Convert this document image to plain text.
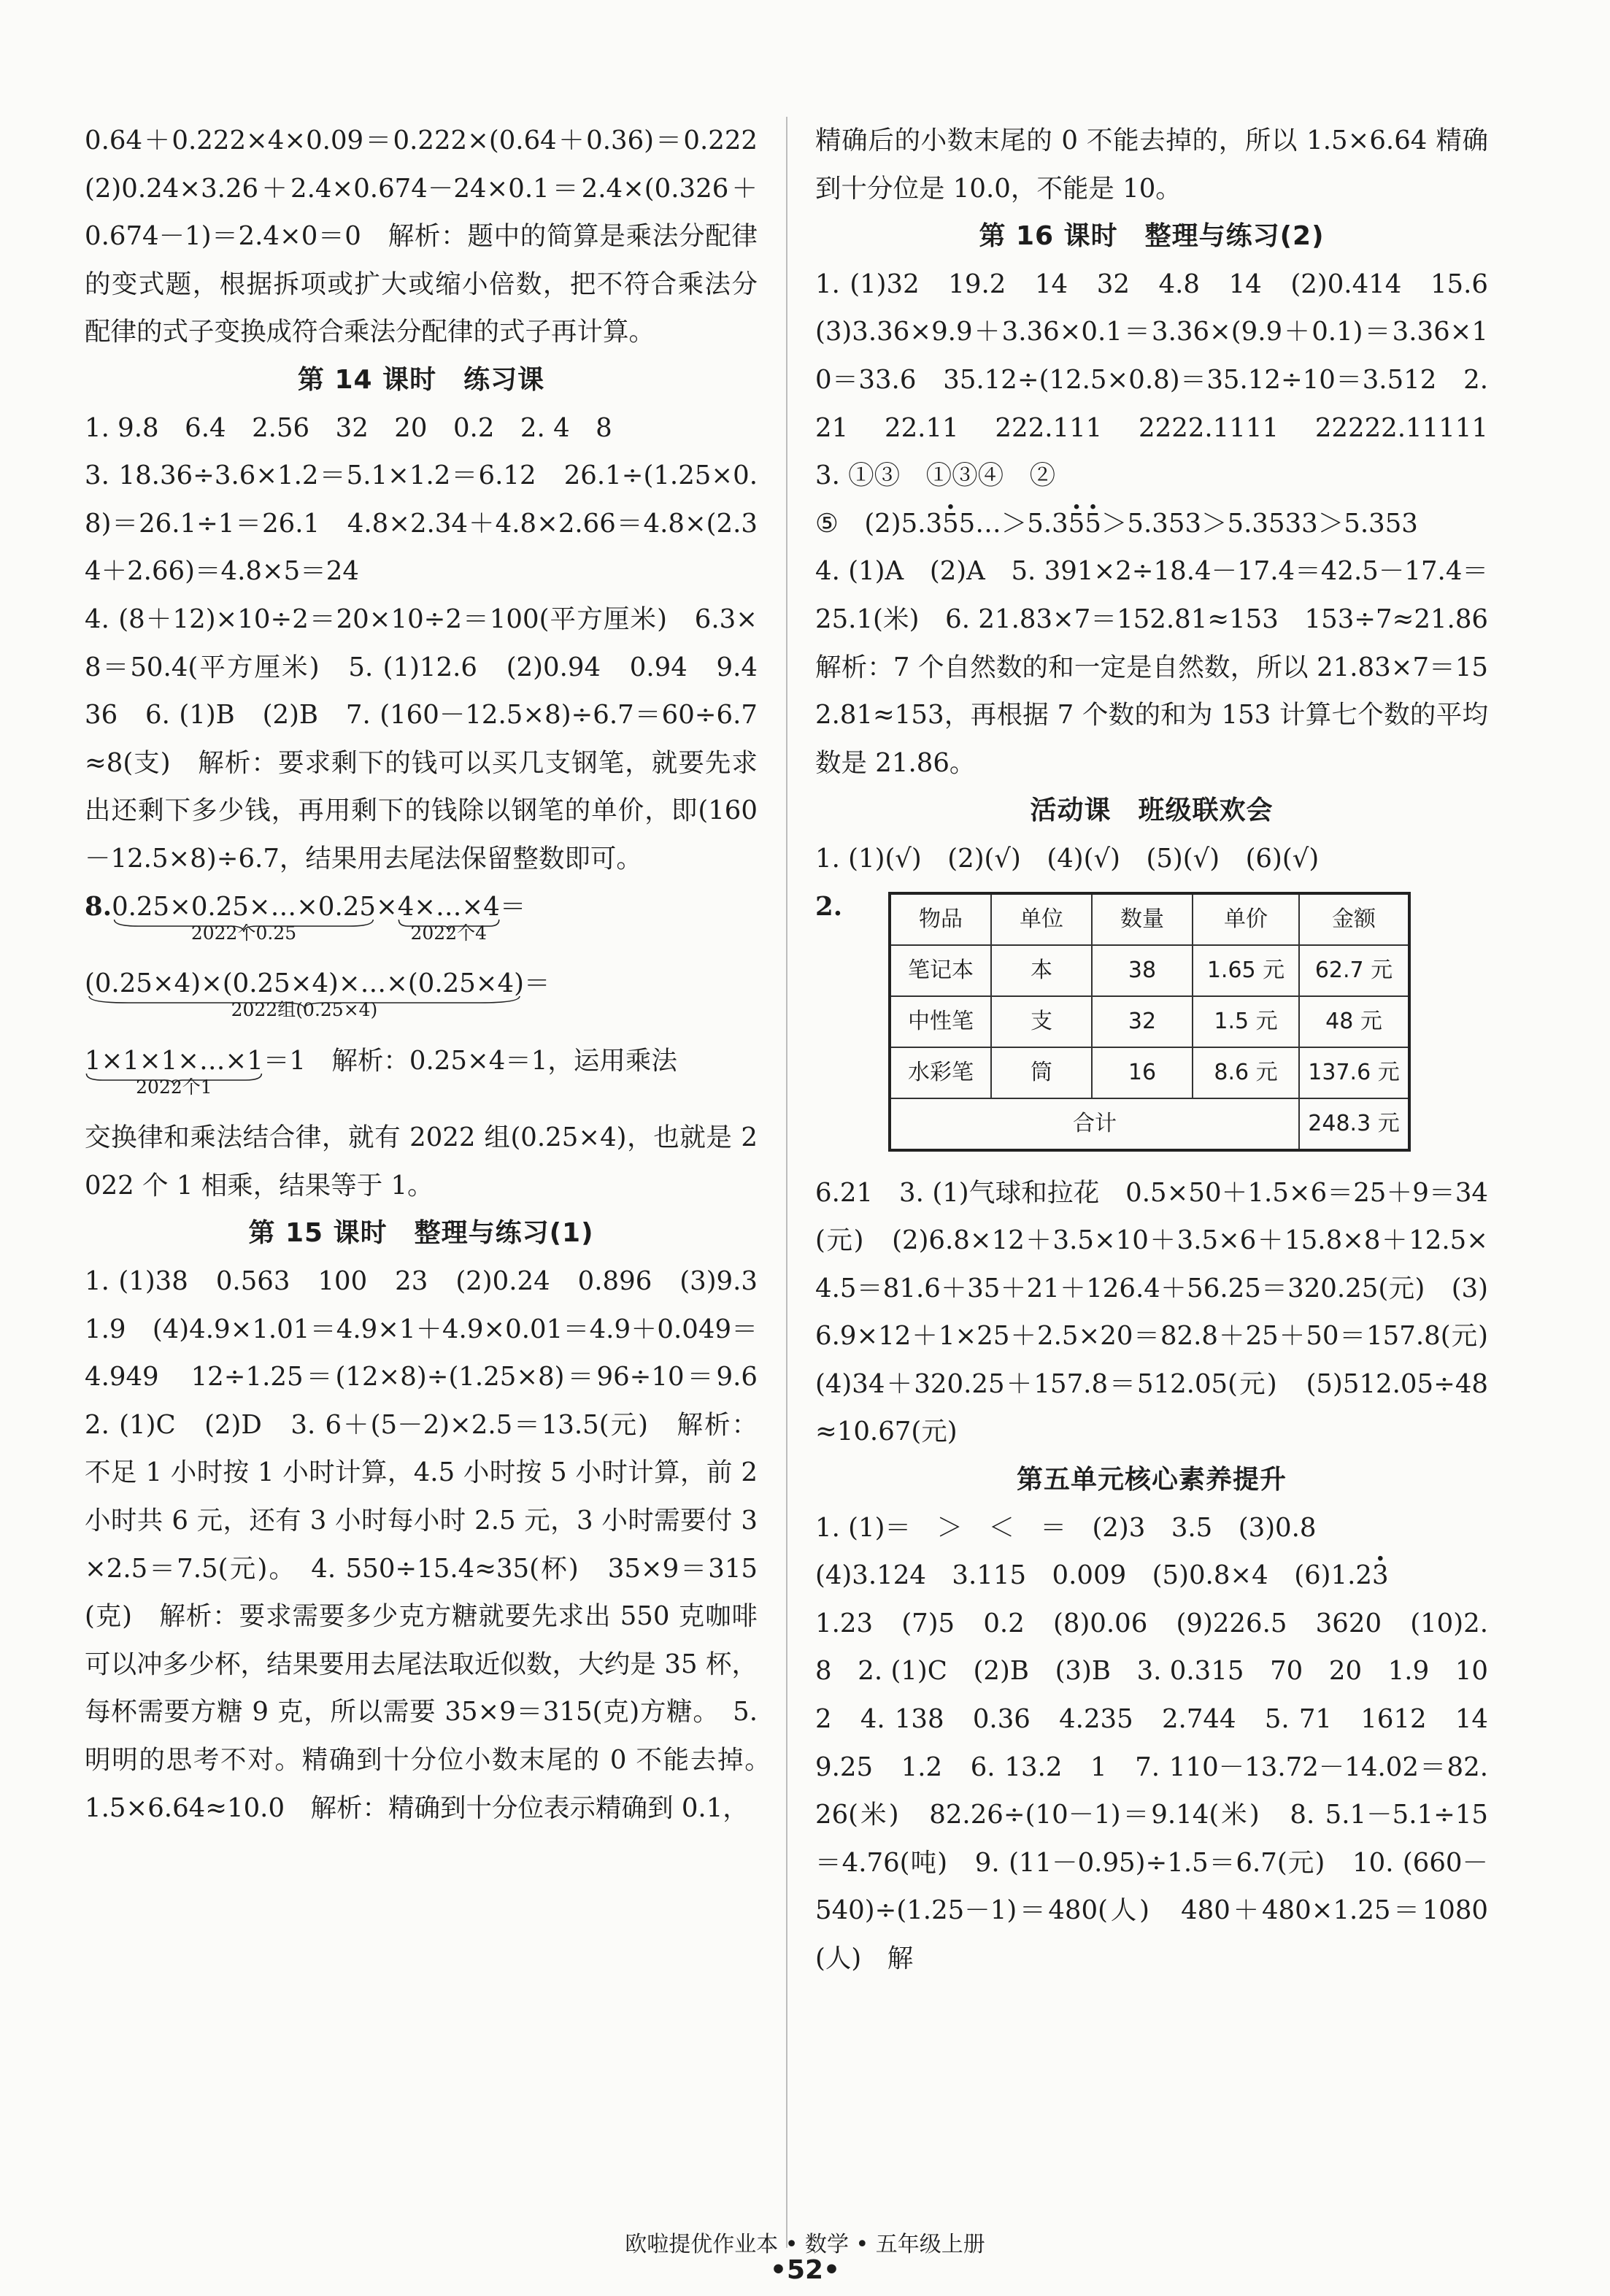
0.64＋0.222×4×0.09＝0.222×(0.64＋0.36)＝0.222　(2)0.24×3.26＋2.4×0.674－24×0.1＝2.4×(0.326＋0.674－1)＝2.4×0＝0　解析：题中的简算是乘法分配律的变式题，根据拆项或扩大或缩小倍数，把不符合乘法分配律的式子变换成符合乘法分配律的式子再计算。

第 14 课时　练习课

1. 9.8　6.4　2.56　32　20　0.2　2. 4　8

3. 18.36÷3.6×1.2＝5.1×1.2＝6.12　26.1÷(1.25×0.8)＝26.1÷1＝26.1　4.8×2.34＋4.8×2.66＝4.8×(2.34＋2.66)＝4.8×5＝24

4. (8＋12)×10÷2＝20×10÷2＝100(平方厘米)　6.3×8＝50.4(平方厘米)　5. (1)12.6　(2)0.94　0.94　9.4　36　6. (1)B　(2)B　7. (160－12.5×8)÷6.7＝60÷6.7≈8(支)　解析：要求剩下的钱可以买几支钢笔，就要先求出还剩下多少钱，再用剩下的钱除以钢笔的单价，即(160－12.5×8)÷6.7，结果用去尾法保留整数即可。

8.0.25×0.25×…×0.25
2022个0.25
×4×…×4
2022个4
＝
(0.25×4)×(0.25×4)×…×(0.25×4)
2022组(0.25×4)
＝
1×1×1×…×1
2022个1
＝1　解析：0.25×4＝1，运用乘法

交换律和乘法结合律，就有 2022 组(0.25×4)，也就是 2022 个 1 相乘，结果等于 1。

第 15 课时　整理与练习(1)

1. (1)38　0.563　100　23　(2)0.24　0.896　(3)9.3　1.9　(4)4.9×1.01＝4.9×1＋4.9×0.01＝4.9＋0.049＝4.949　12÷1.25＝(12×8)÷(1.25×8)＝96÷10＝9.6　2. (1)C　(2)D　3. 6＋(5－2)×2.5＝13.5(元)　解析：不足 1 小时按 1 小时计算，4.5 小时按 5 小时计算，前 2 小时共 6 元，还有 3 小时每小时 2.5 元，3 小时需要付 3×2.5＝7.5(元)。　4. 550÷15.4≈35(杯)　35×9＝315(克)　解析：要求需要多少克方糖就要先求出 550 克咖啡可以冲多少杯，结果要用去尾法取近似数，大约是 35 杯，每杯需要方糖 9 克，所以需要 35×9＝315(克)方糖。　5. 明明的思考不对。精确到十分位小数末尾的 0 不能去掉。　1.5×6.64≈10.0　解析：精确到十分位表示精确到 0.1，

精确后的小数末尾的 0 不能去掉的，所以 1.5×6.64 精确到十分位是 10.0，不能是 10。

第 16 课时　整理与练习(2)

1. (1)32　19.2　14　32　4.8　14　(2)0.414　15.6　(3)3.36×9.9＋3.36×0.1＝3.36×(9.9＋0.1)＝3.36×10＝33.6　35.12÷(12.5×0.8)＝35.12÷10＝3.512　2. 21　22.11　222.111　2222.1111　22222.11111　3. ①③　①③④　②

⑤　(2)5.35 .5…＞5.35 .5 .＞5.353＞5.3533＞5.353

4. (1)A　(2)A　5. 391×2÷18.4－17.4＝42.5－17.4＝25.1(米)　6. 21.83×7＝152.81≈153　153÷7≈21.86　解析：7 个自然数的和一定是自然数，所以 21.83×7＝152.81≈153，再根据 7 个数的和为 153 计算七个数的平均数是 21.86。

活动课　班级联欢会

1. (1)(√)　(2)(√)　(4)(√)　(5)(√)　(6)(√)

2.	物品	单位	数量	单价	金额
笔记本	本	38	1.65 元	62.7 元
中性笔	支	32	1.5 元	48 元
水彩笔	筒	16	8.6 元	137.6 元
合计				248.3 元

6.21　3. (1)气球和拉花　0.5×50＋1.5×6＝25＋9＝34(元)　(2)6.8×12＋3.5×10＋3.5×6＋15.8×8＋12.5×4.5＝81.6＋35＋21＋126.4＋56.25＝320.25(元)　(3)6.9×12＋1×25＋2.5×20＝82.8＋25＋50＝157.8(元)　(4)34＋320.25＋157.8＝512.05(元)　(5)512.05÷48≈10.67(元)

第五单元核心素养提升

1. (1)＝　＞　＜　＝　(2)3　3.5　(3)0.8

(4)3.124　3.115　0.009　(5)0.8×4　(6)1.23 .

1.23　(7)5　0.2　(8)0.06　(9)226.5　3620　(10)2.8　2. (1)C　(2)B　(3)B　3. 0.315　70　20　1.9　10　2　4. 138　0.36　4.235　2.744　5. 71　1612　149.25　1.2　6. 13.2　1　7. 110－13.72－14.02＝82.26(米)　82.26÷(10－1)＝9.14(米)　8. 5.1－5.1÷15＝4.76(吨)　9. (11－0.95)÷1.5＝6.7(元)　10. (660－540)÷(1.25－1)＝480(人)　480＋480×1.25＝1080(人)　解

欧啦提优作业本 • 数学 • 五年级上册
•52•
